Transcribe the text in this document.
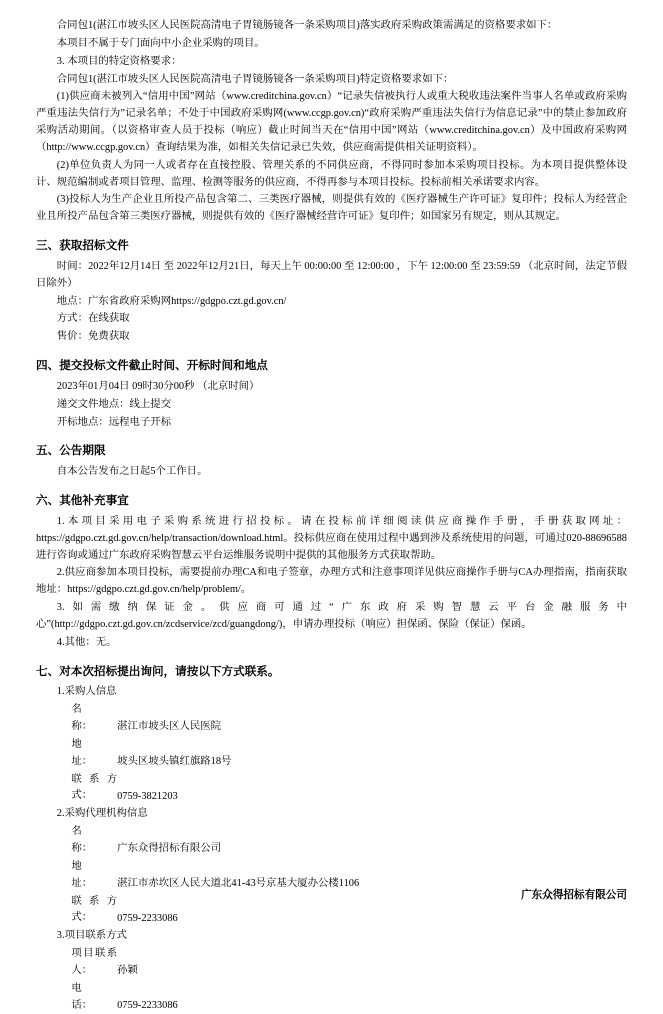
合同包1(湛江市坡头区人民医院高清电子胃镜肠镜各一条采购项目)落实政府采购政策需满足的资格要求如下：

本项目不属于专门面向中小企业采购的项目。

3. 本项目的特定资格要求：

合同包1(湛江市坡头区人民医院高清电子胃镜肠镜各一条采购项目)特定资格要求如下：

(1)供应商未被列入“信用中国”网站（www.creditchina.gov.cn）“记录失信被执行人或重大税收违法案件当事人名单或政府采购严重违法失信行为”记录名单；不处于中国政府采购网(www.ccgp.gov.cn)“政府采购严重违法失信行为信息记录”中的禁止参加政府采购活动期间。（以资格审查人员于投标（响应）截止时间当天在“信用中国”网站（www.creditchina.gov.cn）及中国政府采购网（http://www.ccgp.gov.cn）查询结果为准，如相关失信记录已失效，供应商需提供相关证明资料）。

(2)单位负责人为同一人或者存在直接控股、管理关系的不同供应商，不得同时参加本采购项目投标。为本项目提供整体设计、规范编制或者项目管理、监理、检测等服务的供应商，不得再参与本项目投标。投标前相关承诺要求内容。

(3)投标人为生产企业且所投产品包含第二、三类医疗器械，则提供有效的《医疗器械生产许可证》复印件；投标人为经营企业且所投产品包含第三类医疗器械，则提供有效的《医疗器械经营许可证》复印件；如国家另有规定，则从其规定。

三、获取招标文件

时间：2022年12月14日 至 2022年12月21日，每天上午 00:00:00 至 12:00:00 ，下午 12:00:00 至 23:59:59 （北京时间，法定节假日除外）

地点：广东省政府采购网https://gdgpo.czt.gd.gov.cn/

方式：在线获取

售价：免费获取

四、提交投标文件截止时间、开标时间和地点

2023年01月04日 09时30分00秒 （北京时间）

递交文件地点：线上提交

开标地点：远程电子开标

五、公告期限

自本公告发布之日起5个工作日。

六、其他补充事宜

1.本项目采用电子采购系统进行招投标。请在投标前详细阅读供应商操作手册，手册获取网址：https://gdgpo.czt.gd.gov.cn/help/transaction/download.html。投标供应商在使用过程中遇到涉及系统使用的问题，可通过020-88696588 进行咨询或通过广东政府采购智慧云平台运维服务说明中提供的其他服务方式获取帮助。

2.供应商参加本项目投标，需要提前办理CA和电子签章，办理方式和注意事项详见供应商操作手册与CA办理指南，指南获取地址：https://gdgpo.czt.gd.gov.cn/help/problem/。

3.如需缴纳保证金。供应商可通过“广东政府采购智慧云平台金融服务中心”(http://gdgpo.czt.gd.gov.cn/zcdservice/zcd/guangdong/)，申请办理投标（响应）担保函、保险（保证）保函。

4.其他：无。

七、对本次招标提出询问，请按以下方式联系。

1.采购人信息

名　　称： 湛江市坡头区人民医院

地　　址： 坡头区坡头镇红旗路18号

联系方式： 0759-3821203

2.采购代理机构信息

名　　称： 广东众得招标有限公司

地　　址： 湛江市赤坎区人民大道北41-43号京基大厦办公楼1106

联系方式： 0759-2233086

3.项目联系方式

项目联系人： 孙颖

电　　话： 0759-2233086

广东众得招标有限公司
